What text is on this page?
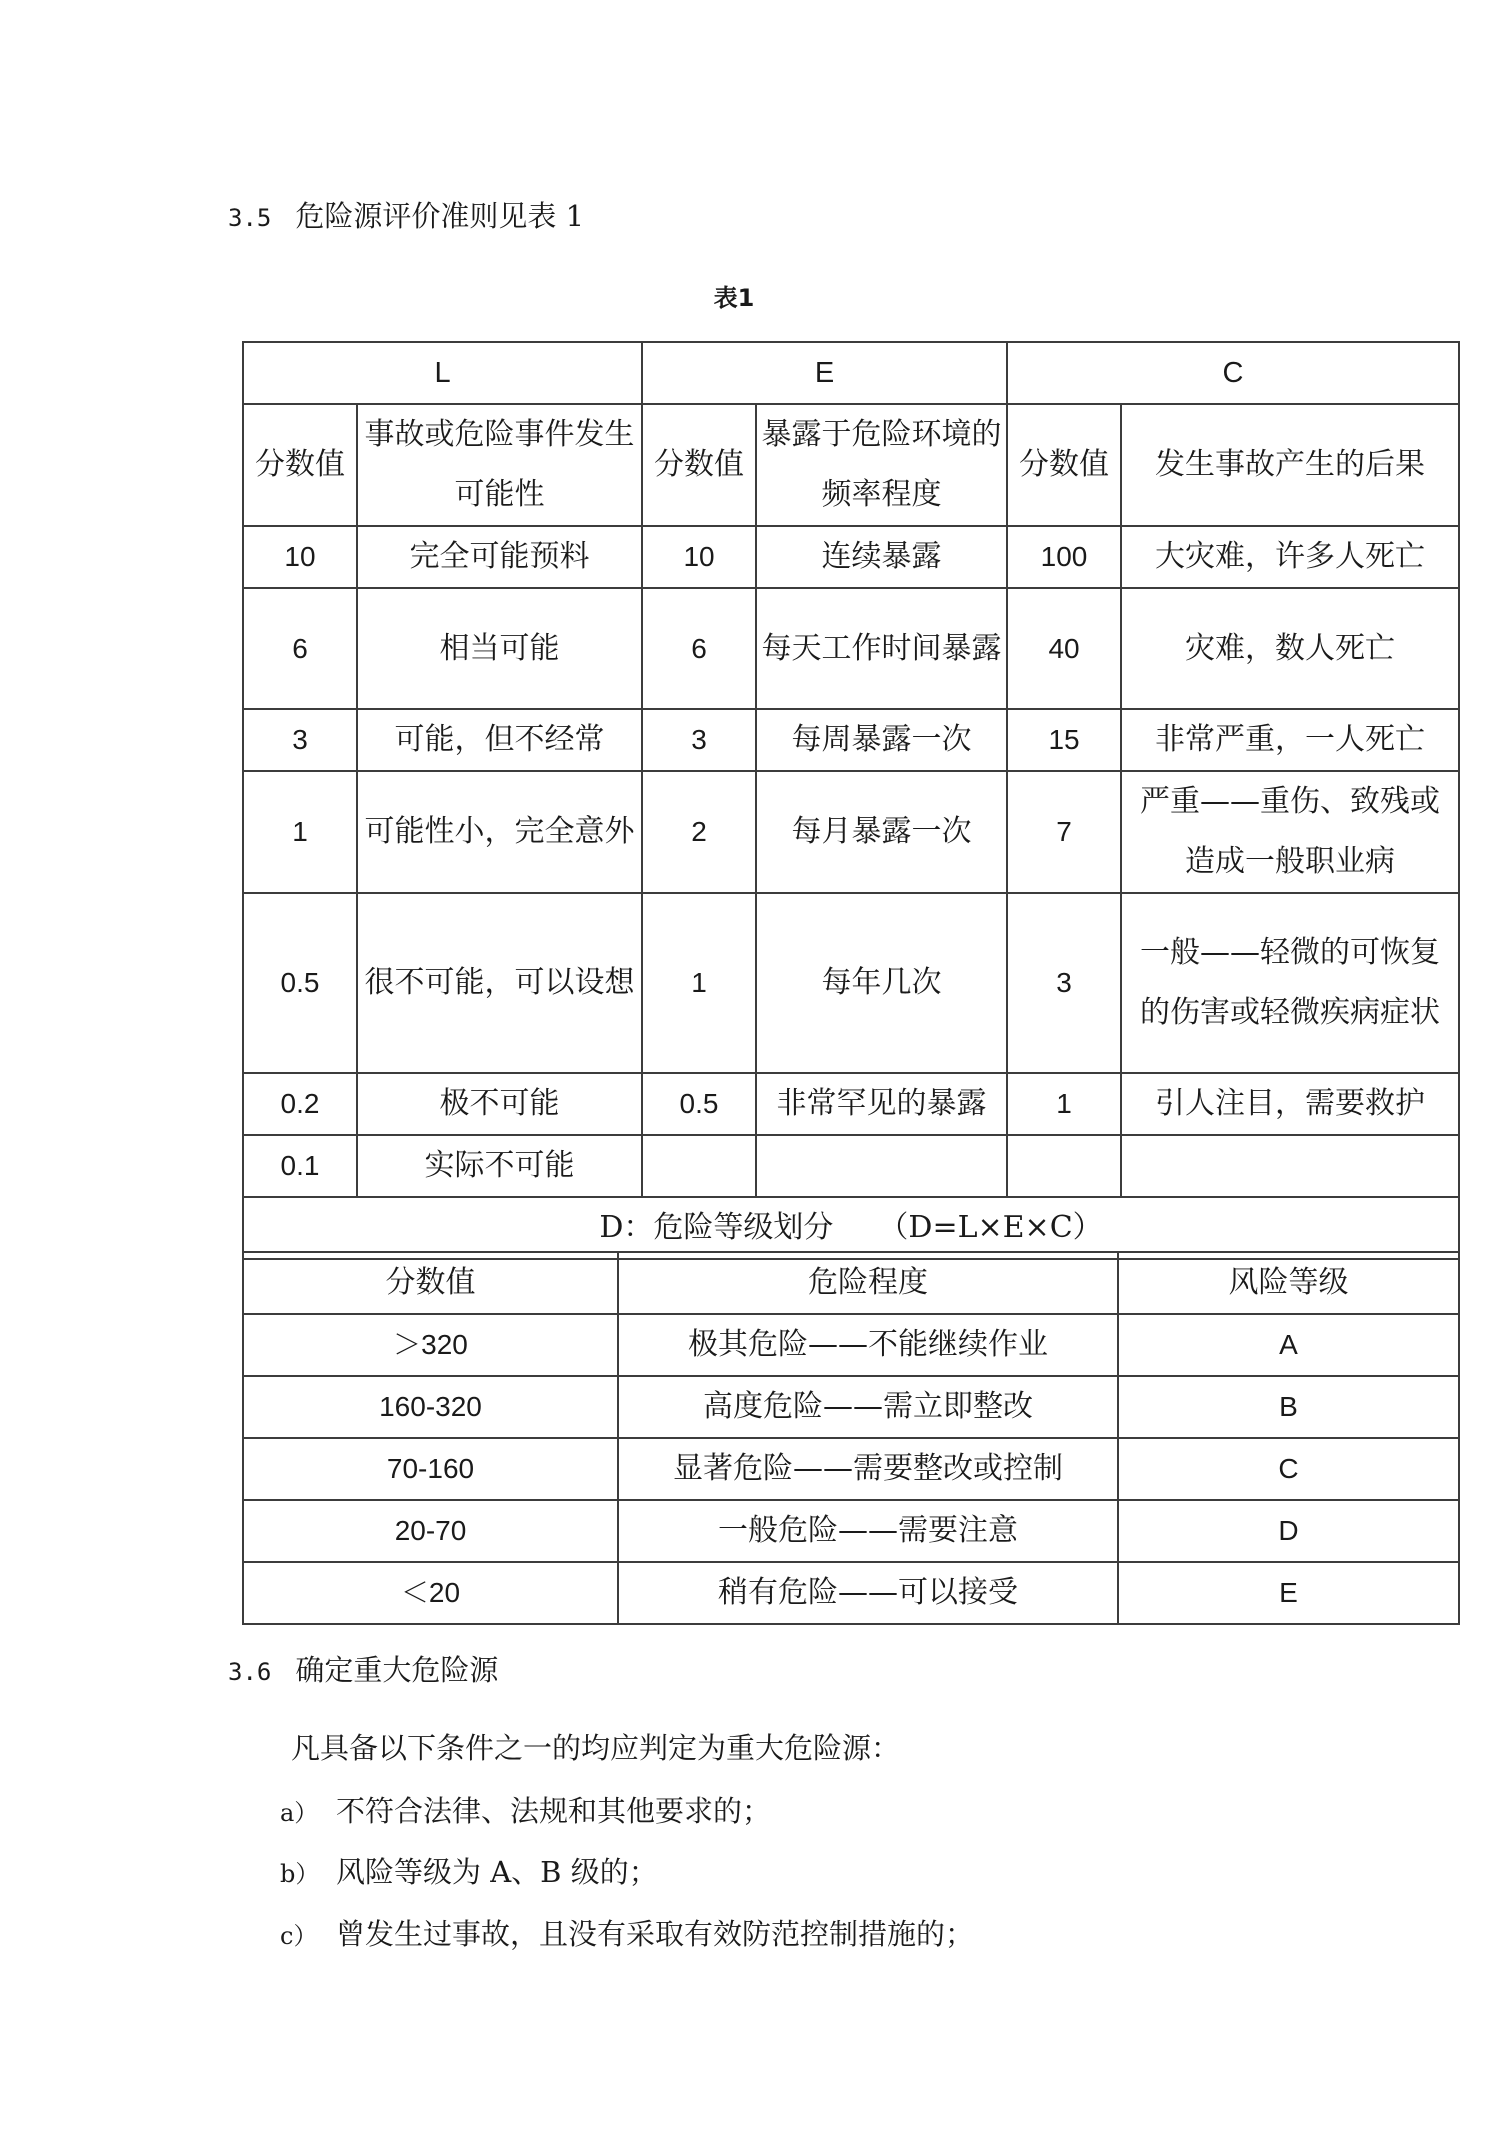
3.5 危险源评价准则见表 1
表1
L		E		C	
分数值	事故或危险事件发生可能性	分数值	暴露于危险环境的频率程度	分数值	发生事故产生的后果
10	完全可能预料	10	连续暴露	100	大灾难，许多人死亡
6	相当可能	6	每天工作时间暴露	40	灾难，数人死亡
3	可能，但不经常	3	每周暴露一次	15	非常严重，一人死亡
1	可能性小，完全意外	2	每月暴露一次	7	严重——重伤、致残或造成一般职业病
0.5	很不可能，可以设想	1	每年几次	3	一般——轻微的可恢复的伤害或轻微疾病症状
0.2	极不可能	0.5	非常罕见的暴露	1	引人注目，需要救护
0.1	实际不可能				
D：危险等级划分　　（D=L×E×C）					
分数值	危险程度	风险等级
＞320	极其危险——不能继续作业	A
160-320	高度危险——需立即整改	B
70-160	显著危险——需要整改或控制	C
20-70	一般危险——需要注意	D
＜20	稍有危险——可以接受	E
3.6 确定重大危险源
凡具备以下条件之一的均应判定为重大危险源：
a） 不符合法律、法规和其他要求的；
b） 风险等级为 A、B 级的；
c） 曾发生过事故，且没有采取有效防范控制措施的；
